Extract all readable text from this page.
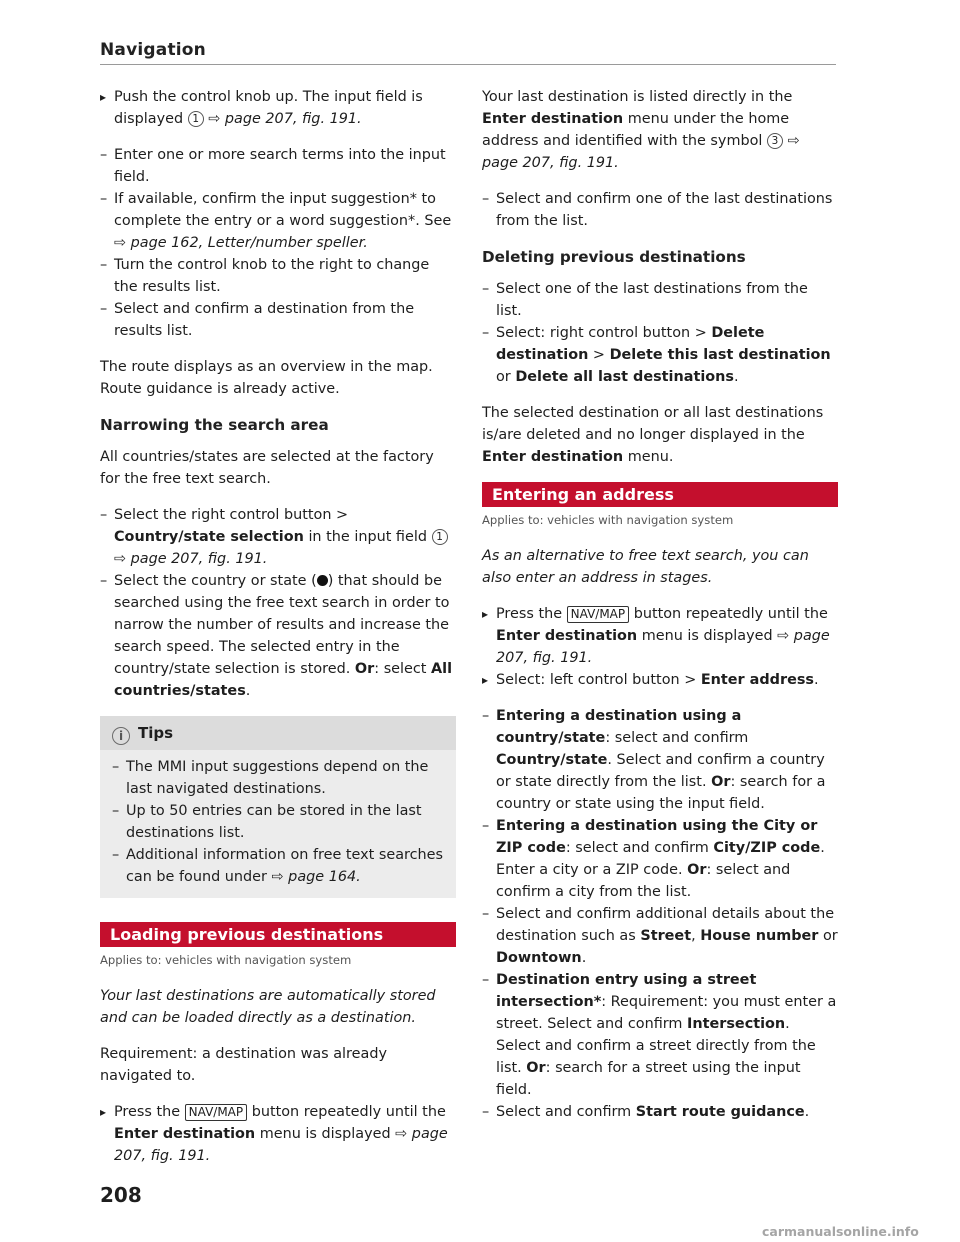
Navigation

▸ Push the control knob up. The input field is displayed 1 ⇨ page 207, fig. 191.

– Enter one or more search terms into the input field.
– If available, confirm the input suggestion* to complete the entry or a word suggestion*. See ⇨ page 162, Letter/number speller.
– Turn the control knob to the right to change the results list.

– Select and confirm a destination from the results list.

The route displays as an overview in the map. Route guidance is already active.

Narrowing the search area

All countries/states are selected at the factory for the free text search.

– Select the right control button > Country/state selection in the input field 1 ⇨ page 207, fig. 191.

– Select the country or state ( ) that should be searched using the free text search in order to narrow the number of results and increase the search speed. The selected entry in the country/state selection is stored. Or: select All countries/states.

i Tips
– The MMI input suggestions depend on the last navigated destinations.
– Up to 50 entries can be stored in the last destinations list.
– Additional information on free text searches can be found under ⇨ page 164.
Loading previous destinations
Applies to: vehicles with navigation system

Your last destinations are automatically stored and can be loaded directly as a destination.

Requirement: a destination was already navigated to.

▸ Press the NAV/MAP button repeatedly until the Enter destination menu is displayed ⇨ page 207, fig. 191.

Your last destination is listed directly in the Enter destination menu under the home address and identified with the symbol 3 ⇨ page 207, fig. 191.

– Select and confirm one of the last destinations from the list.

Deleting previous destinations
– Select one of the last destinations from the list.

– Select: right control button > Delete destination > Delete this last destination or Delete all last destinations.

The selected destination or all last destinations is/are deleted and no longer displayed in the Enter destination menu.

Entering an address
Applies to: vehicles with navigation system

As an alternative to free text search, you can also enter an address in stages.

▸ Press the NAV/MAP button repeatedly until the Enter destination menu is displayed ⇨ page 207, fig. 191.

▸ Select: left control button > Enter address.

– Entering a destination using a country/state: select and confirm Country/state. Select and confirm a country or state directly from the list. Or: search for a country or state using the input field.
– Entering a destination using the City or ZIP code: select and confirm City/ZIP code. Enter a city or a ZIP code. Or: select and confirm a city from the list.
– Select and confirm additional details about the destination such as Street, House number or Downtown.
– Destination entry using a street intersection*: Requirement: you must enter a street. Select and confirm Intersection. Select and confirm a street directly from the list. Or: search for a street using the input field.
– Select and confirm Start route guidance.
208
carmanualsonline.info
